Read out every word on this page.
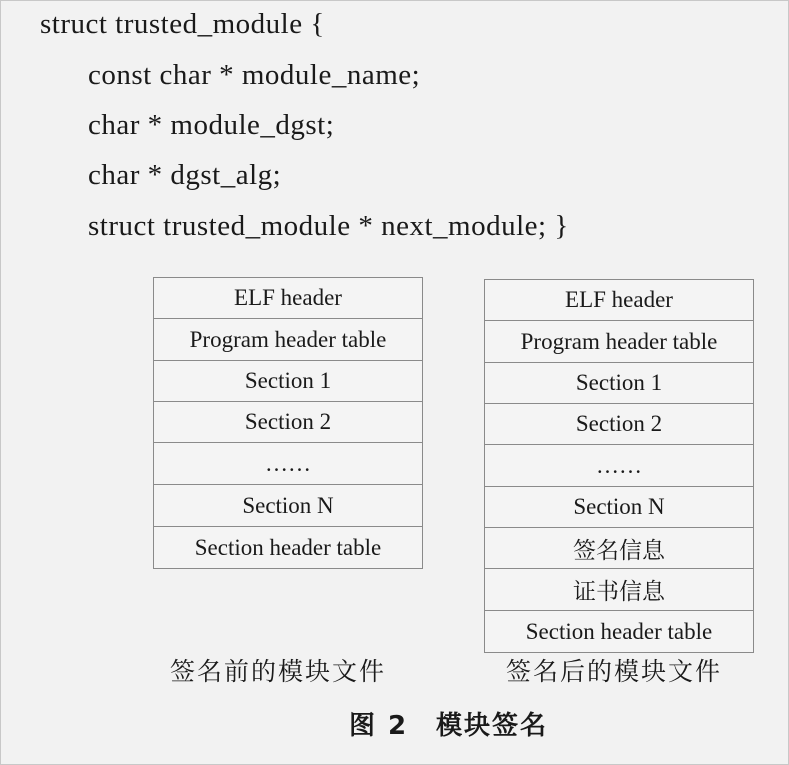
struct trusted_module {
const char * module_name;
char * module_dgst;
char * dgst_alg;
struct trusted_module * next_module; }
ELF header
Program header table
Section 1
Section 2
……
Section N
Section header table
ELF header
Program header table
Section 1
Section 2
……
Section N
签名信息
证书信息
Section header table
签名前的模块文件	签名后的模块文件
图 2 模块签名
